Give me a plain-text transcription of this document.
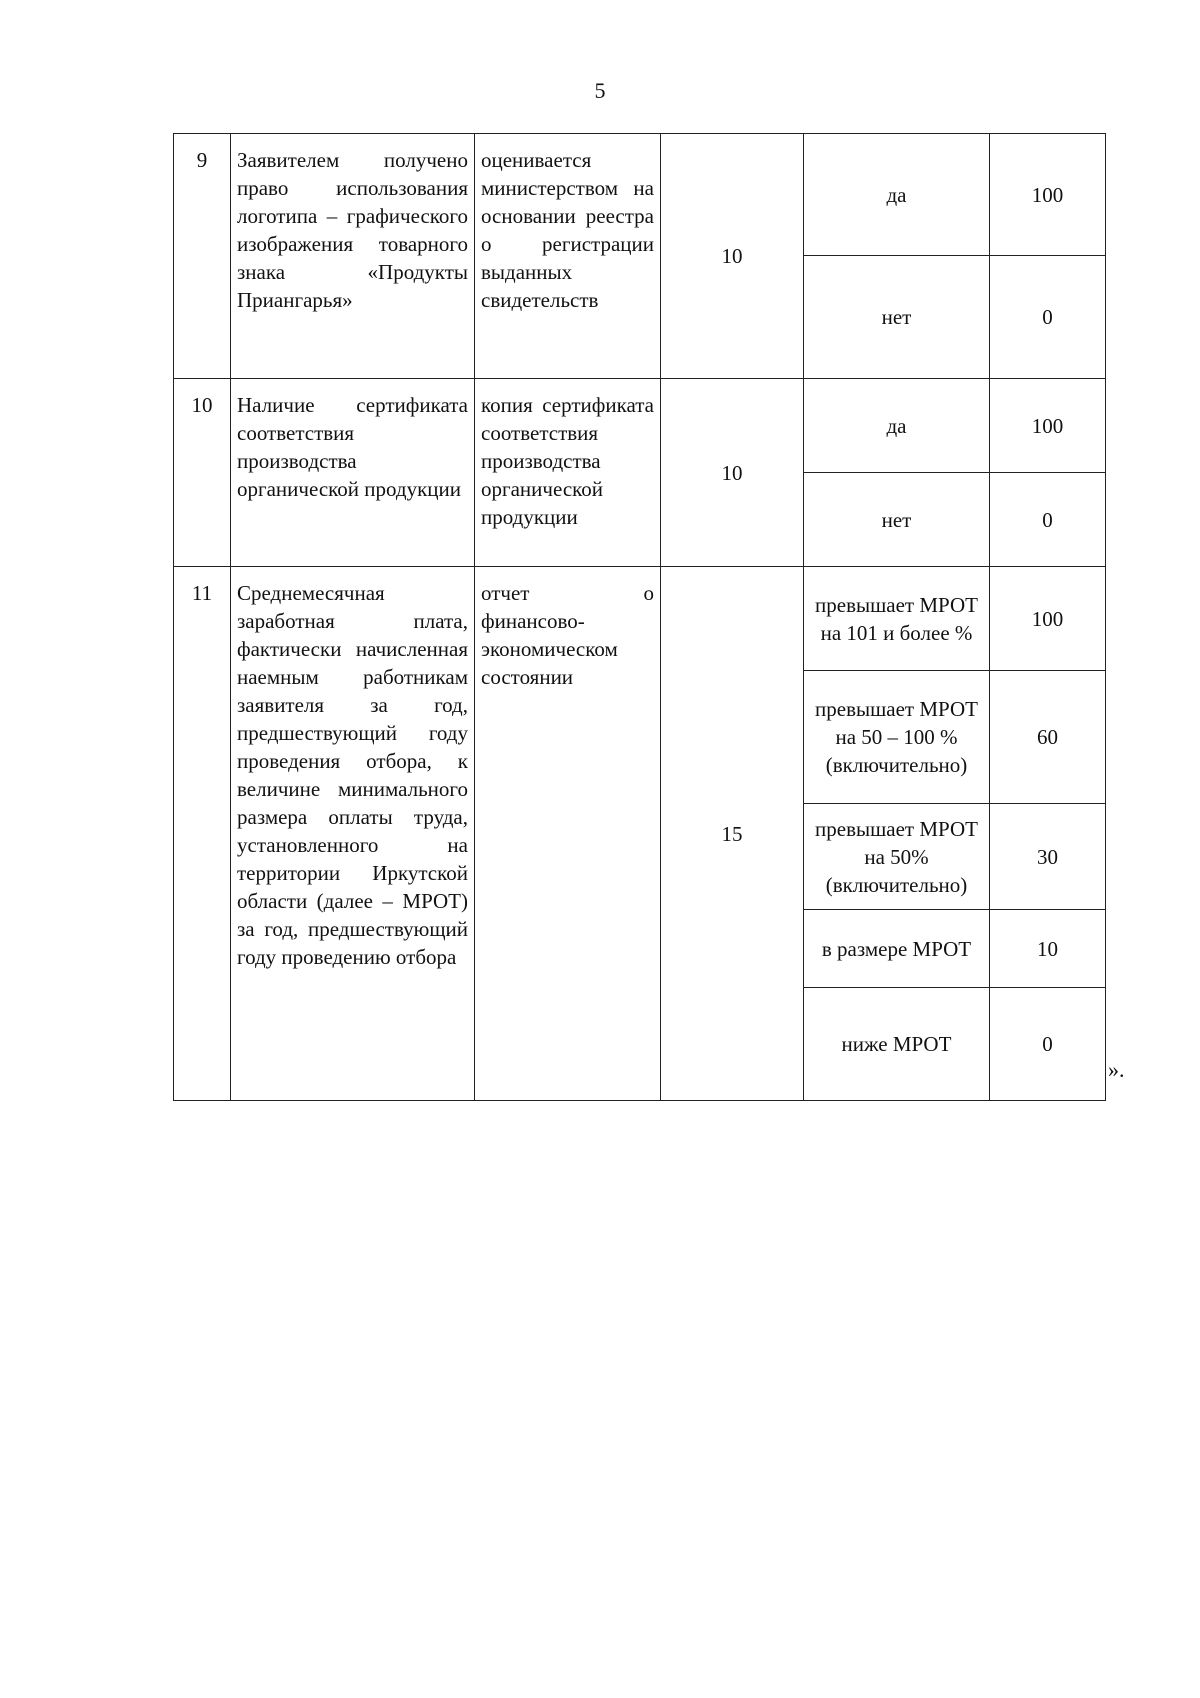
5
9	Заявителем получено право использования логотипа – графического изображения товарного знака «Продукты Приангарья»	оценивается министерством на основании реестра о регистрации выданных свидетельств	10	да	100
				нет	0
10	Наличие сертификата соответствия производства органической продукции	копия сертификата соответствия производства органической продукции	10	да	100
				нет	0
11	Среднемесячная заработная плата, фактически начисленная наемным работникам заявителя за год, предшествующий году проведения отбора, к величине минимального размера оплаты труда, установленного на территории Иркутской области (далее – МРОТ) за год, предшествующий году проведению отбора	отчет о финансово-экономическом состоянии	15	превышает МРОТ на 101 и более %	100
				превышает МРОТ на 50 – 100 % (включительно)	60
				превышает МРОТ на 50% (включительно)	30
				в размере МРОТ	10
				ниже МРОТ	0
».
